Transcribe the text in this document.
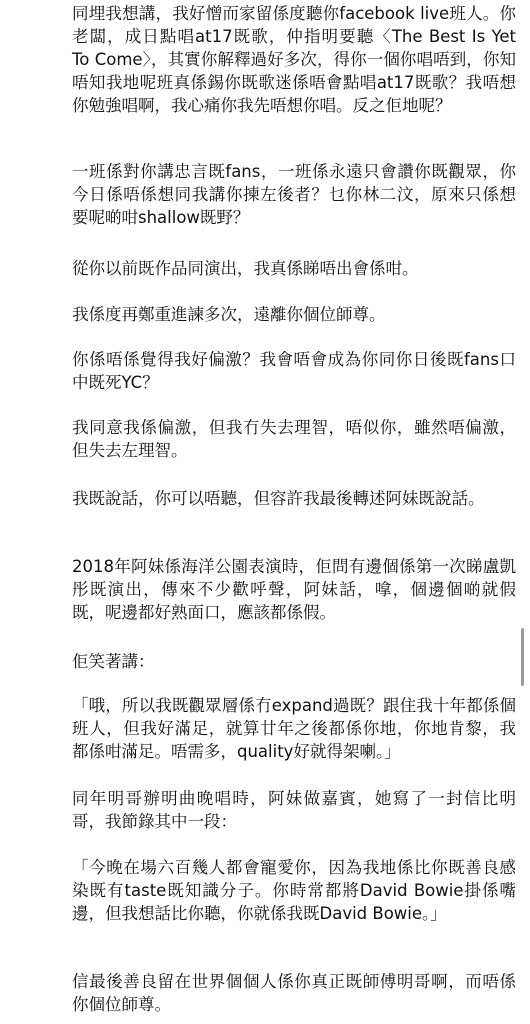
同埋我想講，我好憎而家留係度聽你facebook live班人。你老闆，成日點唱at17既歌，仲指明要聽〈The Best Is Yet To Come〉，其實你解釋過好多次，得你一個你唱唔到，你知唔知我地呢班真係錫你既歌迷係唔會點唱at17既歌？我唔想你勉強唱啊，我心痛你我先唔想你唱。反之佢地呢？

一班係對你講忠言既fans，一班係永遠只會讚你既觀眾，你今日係唔係想同我講你揀左後者？乜你林二汶，原來只係想要呢啲咁shallow既野？

從你以前既作品同演出，我真係睇唔出會係咁。

我係度再鄭重進諫多次，遠離你個位師尊。

你係唔係覺得我好偏激？我會唔會成為你同你日後既fans口中既死YC？

我同意我係偏激，但我冇失去理智，唔似你，雖然唔偏激，但失去左理智。

我既說話，你可以唔聽，但容許我最後轉述阿妹既說話。

2018年阿妹係海洋公園表演時，佢問有邊個係第一次睇盧凱彤既演出，傳來不少歡呼聲，阿妹話，嗱，個邊個啲就假既，呢邊都好熟面口，應該都係假。

佢笑著講：

「哦，所以我既觀眾層係冇expand過既？跟住我十年都係個班人，但我好滿足，就算廿年之後都係你地，你地肯黎，我都係咁滿足。唔需多，quality好就得架喇。」

同年明哥辦明曲晚唱時，阿妹做嘉賓，她寫了一封信比明哥，我節錄其中一段：

「今晚在場六百幾人都會寵愛你，因為我地係比你既善良感染既有taste既知識分子。你時常都將David Bowie掛係嘴邊，但我想話比你聽，你就係我既David Bowie。」

信最後善良留在世界個個人係你真正既師傅明哥啊，而唔係你個位師尊。
